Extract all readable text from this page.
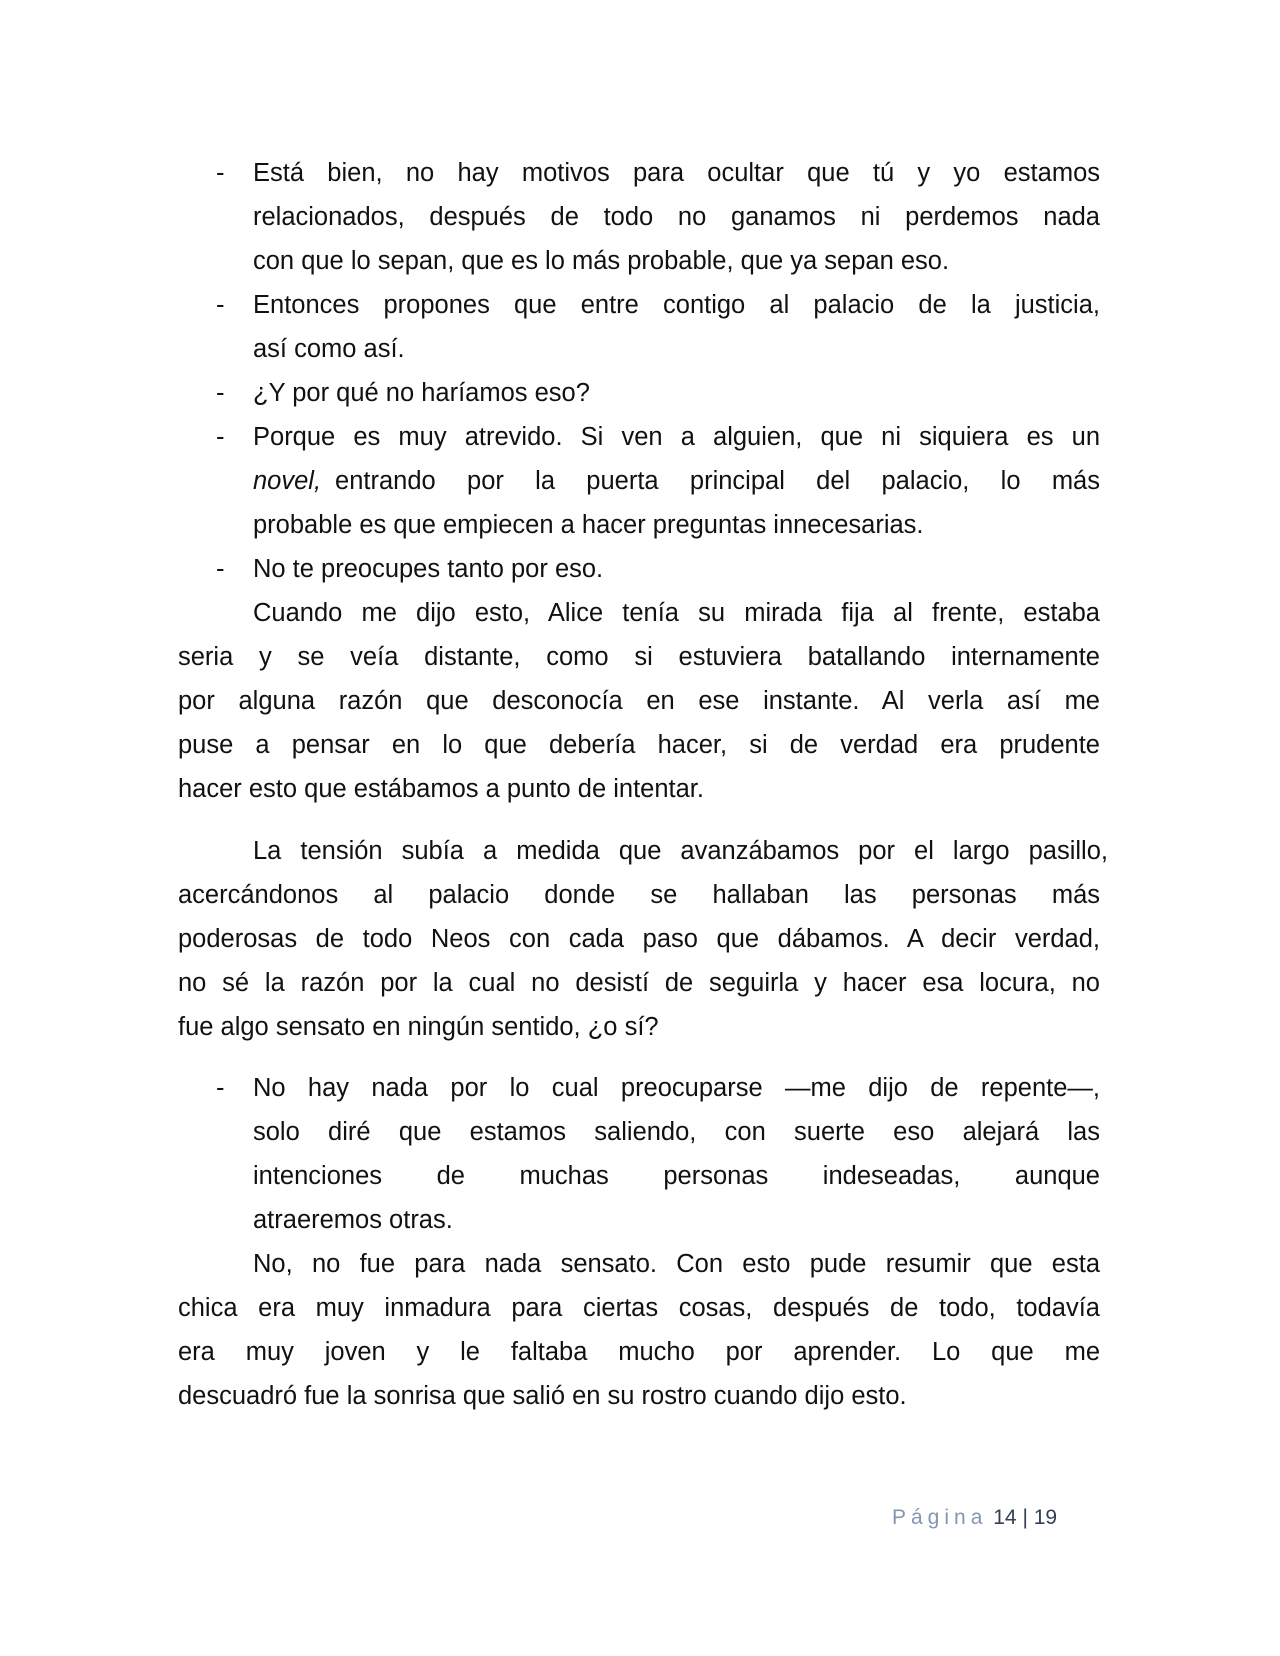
- Está bien, no hay motivos para ocultar que tú y yo estamos
relacionados, después de todo no ganamos ni perdemos nada
con que lo sepan, que es lo más probable, que ya sepan eso.
- Entonces propones que entre contigo al palacio de la justicia,
así como así.
- ¿Y por qué no haríamos eso?
- Porque es muy atrevido. Si ven a alguien, que ni siquiera es un
novel, entrando por la puerta principal del palacio, lo más
probable es que empiecen a hacer preguntas innecesarias.
- No te preocupes tanto por eso.
Cuando me dijo esto, Alice tenía su mirada fija al frente, estaba
seria y se veía distante, como si estuviera batallando internamente
por alguna razón que desconocía en ese instante. Al verla así me
puse a pensar en lo que debería hacer, si de verdad era prudente
hacer esto que estábamos a punto de intentar.
La tensión subía a medida que avanzábamos por el largo pasillo,
acercándonos al palacio donde se hallaban las personas más
poderosas de todo Neos con cada paso que dábamos. A decir verdad,
no sé la razón por la cual no desistí de seguirla y hacer esa locura, no
fue algo sensato en ningún sentido, ¿o sí?
- No hay nada por lo cual preocuparse —me dijo de repente—,
solo diré que estamos saliendo, con suerte eso alejará las
intenciones de muchas personas indeseadas, aunque
atraeremos otras.
No, no fue para nada sensato. Con esto pude resumir que esta
chica era muy inmadura para ciertas cosas, después de todo, todavía
era muy joven y le faltaba mucho por aprender. Lo que me
descuadró fue la sonrisa que salió en su rostro cuando dijo esto.
Página 14 | 19
